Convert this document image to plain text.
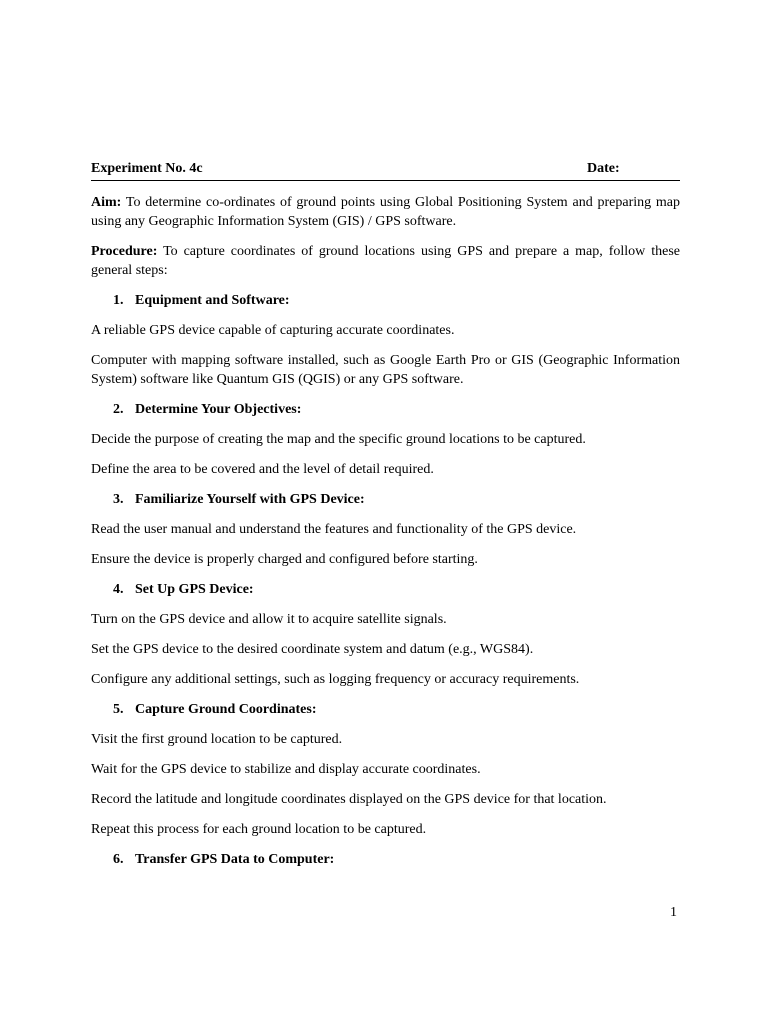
Experiment No. 4c	Date:

Aim: To determine co-ordinates of ground points using Global Positioning System and preparing map using any Geographic Information System (GIS) / GPS software.

Procedure: To capture coordinates of ground locations using GPS and prepare a map, follow these general steps:

1. Equipment and Software:

A reliable GPS device capable of capturing accurate coordinates.

Computer with mapping software installed, such as Google Earth Pro or GIS (Geographic Information System) software like Quantum GIS (QGIS) or any GPS software.

2. Determine Your Objectives:

Decide the purpose of creating the map and the specific ground locations to be captured.

Define the area to be covered and the level of detail required.

3. Familiarize Yourself with GPS Device:

Read the user manual and understand the features and functionality of the GPS device.

Ensure the device is properly charged and configured before starting.

4. Set Up GPS Device:

Turn on the GPS device and allow it to acquire satellite signals.

Set the GPS device to the desired coordinate system and datum (e.g., WGS84).

Configure any additional settings, such as logging frequency or accuracy requirements.

5. Capture Ground Coordinates:

Visit the first ground location to be captured.

Wait for the GPS device to stabilize and display accurate coordinates.

Record the latitude and longitude coordinates displayed on the GPS device for that location.

Repeat this process for each ground location to be captured.

6. Transfer GPS Data to Computer:
1
